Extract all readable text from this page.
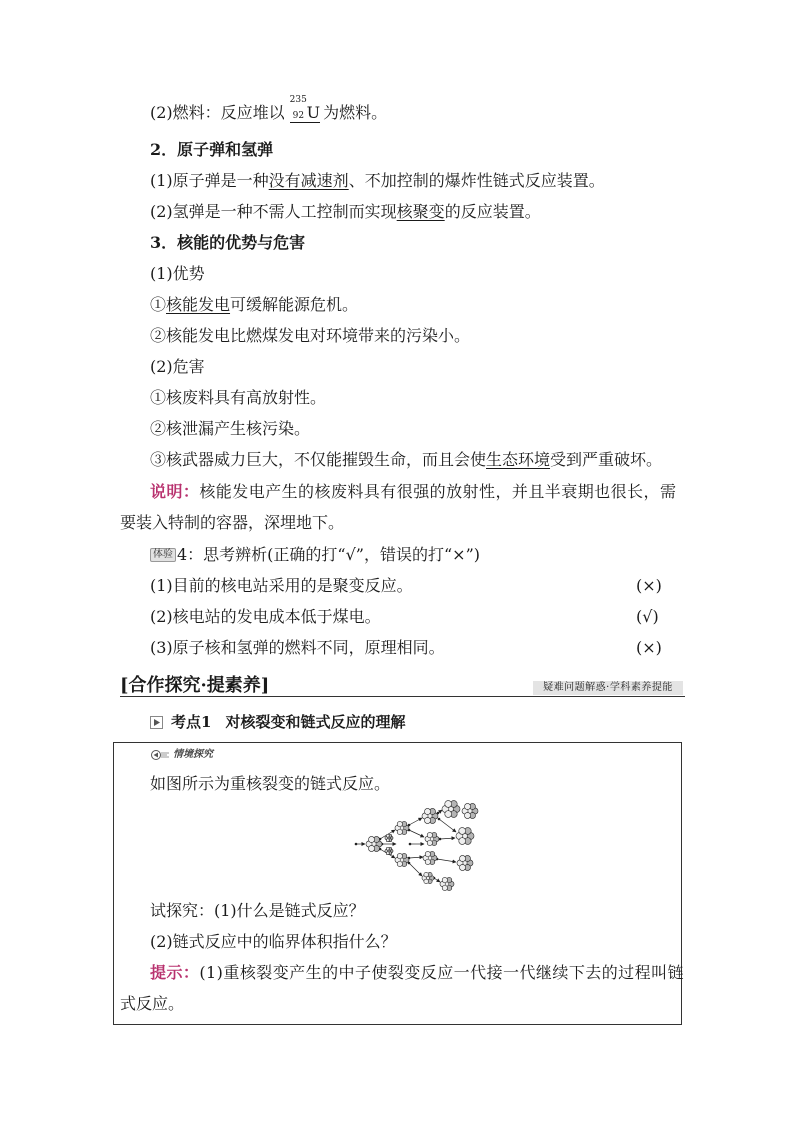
(2)燃料：反应堆以
235
92 U 为燃料。
2．原子弹和氢弹
(1)原子弹是一种没有减速剂、不加控制的爆炸性链式反应装置。
(2)氢弹是一种不需人工控制而实现核聚变的反应装置。
3．核能的优势与危害
(1)优势
①核能发电可缓解能源危机。
②核能发电比燃煤发电对环境带来的污染小。
(2)危害
①核废料具有高放射性。
②核泄漏产生核污染。
③核武器威力巨大，不仅能摧毁生命，而且会使生态环境受到严重破坏。
说明：核能发电产生的核废料具有很强的放射性，并且半衰期也很长，需
要装入特制的容器，深埋地下。
体验 4：思考辨析(正确的打“√”，错误的打“×”)
(1)目前的核电站采用的是聚变反应。	(×)
(2)核电站的发电成本低于煤电。	(√)
(3)原子核和氢弹的燃料不同，原理相同。	(×)
[合作探究·提素养]	疑难问题解惑·学科素养提能
考点1 对核裂变和链式反应的理解
情境探究
如图所示为重核裂变的链式反应。
试探究：(1)什么是链式反应？
(2)链式反应中的临界体积指什么？
提示：(1)重核裂变产生的中子使裂变反应一代接一代继续下去的过程叫链
式反应。
